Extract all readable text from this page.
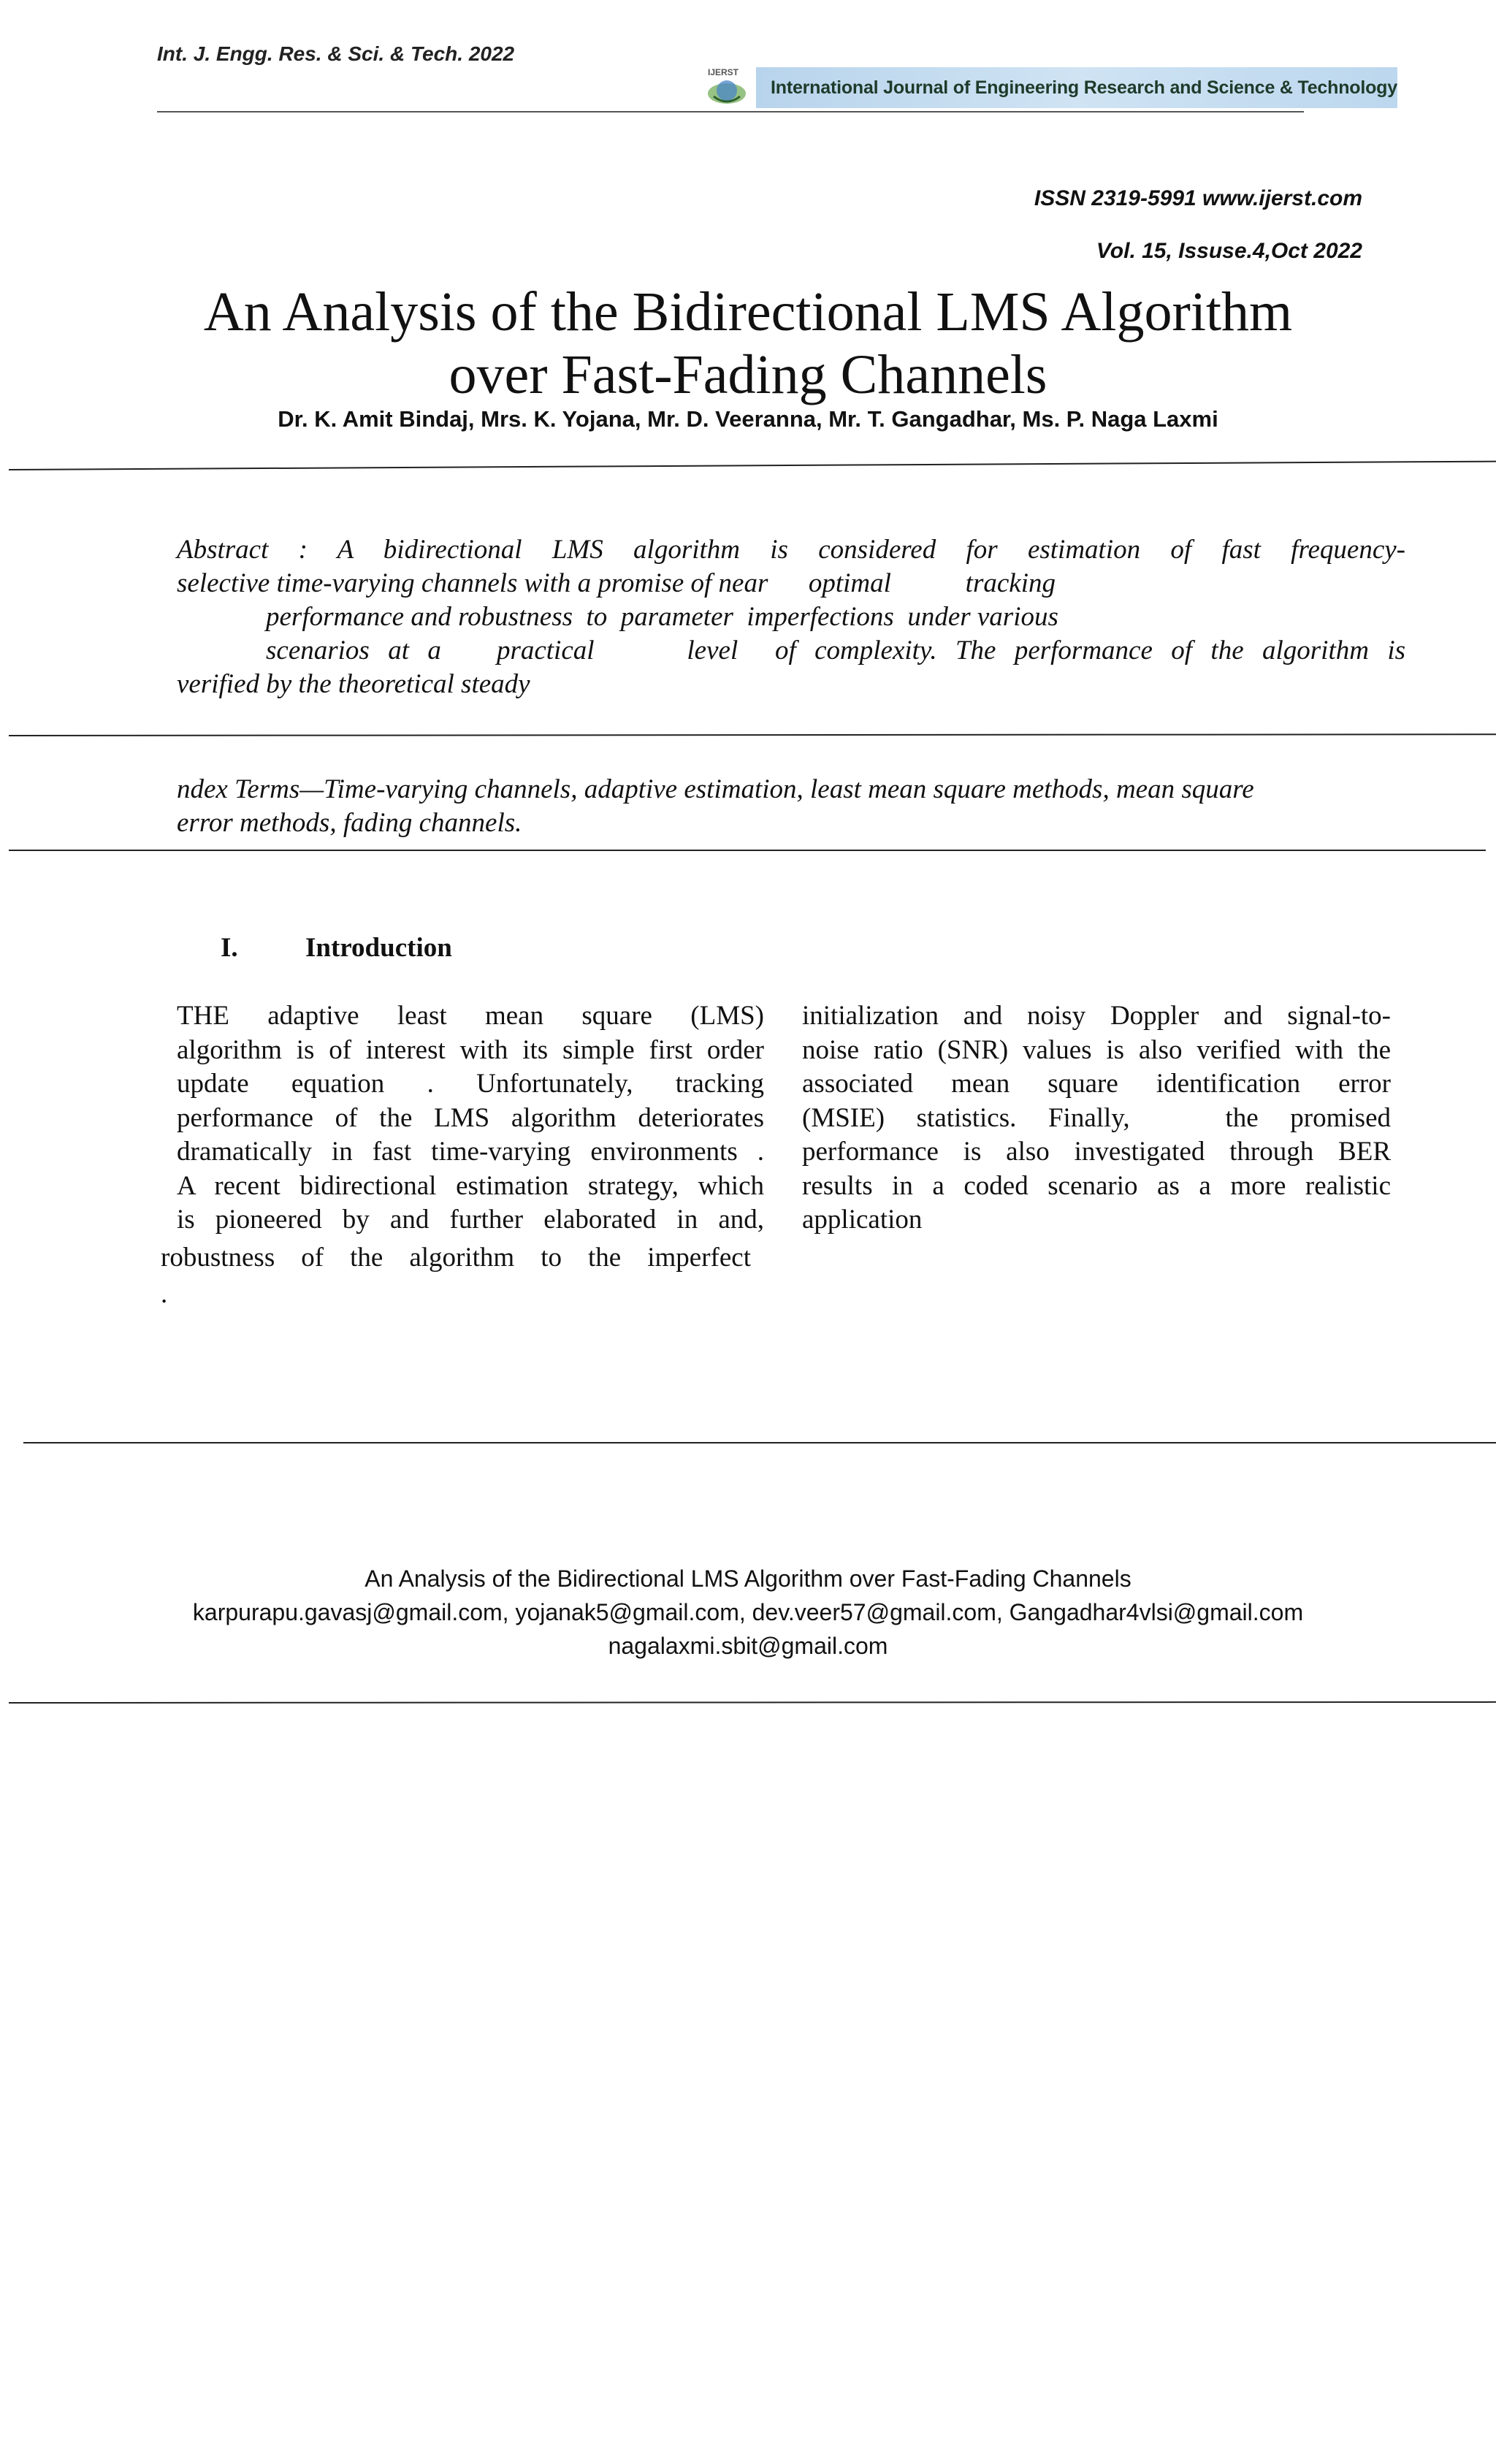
Int. J. Engg. Res. & Sci. & Tech. 2022
IJERST
International Journal of Engineering Research and Science & Technology
ISSN 2319-5991 www.ijerst.com
Vol. 15, Issuse.4,Oct 2022
An Analysis of the Bidirectional LMS Algorithm
over Fast-Fading Channels
Dr. K. Amit Bindaj, Mrs. K. Yojana, Mr. D. Veeranna, Mr. T. Gangadhar, Ms. P. Naga Laxmi

Abstract : A bidirectional LMS algorithm is considered for estimation of fast frequency-

selective time-varying channels with a promise of near      optimal           tracking

performance and robustness  to  parameter  imperfections  under various

scenarios at a   practical     level  of complexity. The performance of the algorithm is

verified by the theoretical steady

ndex Terms—Time-varying channels, adaptive estimation, least mean square methods, mean square
error methods, fading channels.
I. Introduction
THE adaptive least mean square (LMS)
algorithm is of interest with its simple first order
update equation . Unfortunately, tracking
performance of the LMS algorithm deteriorates
dramatically in fast time-varying environments .
A recent bidirectional estimation strategy, which
is pioneered by and further elaborated in and,
robustness of the algorithm to the imperfect
.
initialization and noisy Doppler and signal-to-
noise ratio (SNR) values is also verified with the
associated mean square identification error
(MSIE) statistics. Finally,   the promised
performance is also investigated through BER
results in a coded scenario as a more realistic
application
An Analysis of the Bidirectional LMS Algorithm over Fast-Fading Channels
karpurapu.gavasj@gmail.com, yojanak5@gmail.com, dev.veer57@gmail.com, Gangadhar4vlsi@gmail.com
nagalaxmi.sbit@gmail.com
